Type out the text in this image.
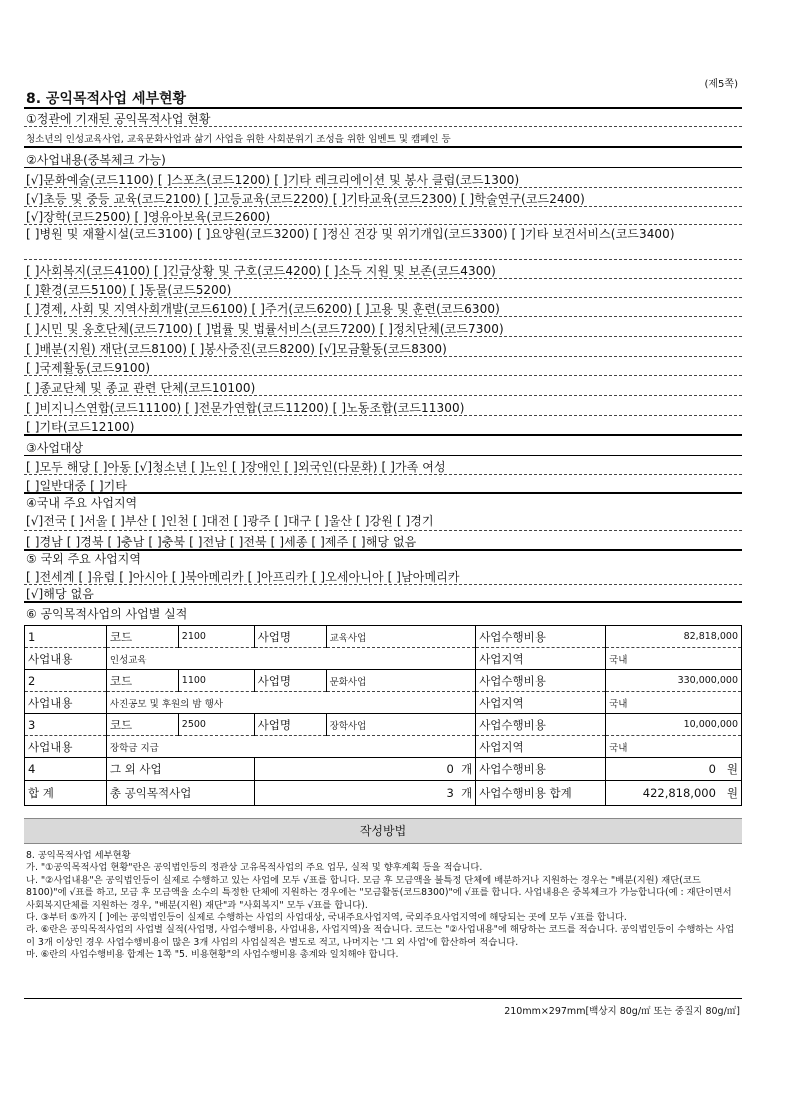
(제5쪽)
8. 공익목적사업 세부현황
①정관에 기재된 공익목적사업 현황
청소년의 인성교육사업, 교육문화사업과 삶기 사업을 위한 사회분위기 조성을 위한 임벤트 및 캠페인 등
②사업내용(중복체크 가능)
[√]문화예술(코드1100) [ ]스포츠(코드1200) [ ]기타 레크리에이션 및 봉사 클럽(코드1300)
[√]초등 및 중등 교육(코드2100) [ ]고등교육(코드2200) [ ]기타교육(코드2300) [ ]학술연구(코드2400)
[√]장학(코드2500) [ ]영유아보육(코드2600)
[ ]병원 및 재활시설(코드3100) [ ]요양원(코드3200) [ ]정신 건강 및 위기개입(코드3300) [ ]기타 보건서비스(코드3400)
[ ]사회복지(코드4100) [ ]긴급상황 및 구호(코드4200) [ ]소득 지원 및 보존(코드4300)
[ ]환경(코드5100) [ ]동물(코드5200)
[ ]경제, 사회 및 지역사회개발(코드6100) [ ]주거(코드6200) [ ]고용 및 훈련(코드6300)
[ ]시민 및 옹호단체(코드7100) [ ]법률 및 법률서비스(코드7200) [ ]정치단체(코드7300)
[ ]배분(지원) 재단(코드8100) [ ]봉사증진(코드8200) [√]모금활동(코드8300)
[ ]국제활동(코드9100)
[ ]종교단체 및 종교 관련 단체(코드10100)
[ ]비지니스연합(코드11100) [ ]전문가연합(코드11200) [ ]노동조합(코드11300)
[ ]기타(코드12100)
③사업대상
[ ]모두 해당 [ ]아동 [√]청소년 [ ]노인 [ ]장애인 [ ]외국인(다문화) [ ]가족 여성
[ ]일반대중 [ ]기타
④국내 주요 사업지역
[√]전국 [ ]서울 [ ]부산 [ ]인천 [ ]대전 [ ]광주 [ ]대구 [ ]울산 [ ]강원 [ ]경기
[ ]경남 [ ]경북 [ ]충남 [ ]충북 [ ]전남 [ ]전북 [ ]세종 [ ]제주 [ ]해당 없음
⑤ 국외 주요 사업지역
[ ]전세계 [ ]유럽 [ ]아시아 [ ]북아메리카 [ ]아프리카 [ ]오세아니아 [ ]남아메리카
[√]해당 없음
⑥ 공익목적사업의 사업별 실적
1	코드	2100	사업명	교육사업	사업수행비용	82,818,000
사업내용	인성교육				사업지역	국내
2	코드	1100	사업명	문화사업	사업수행비용	330,000,000
사업내용	사진공모 및 후원의 밤 행사				사업지역	국내
3	코드	2500	사업명	장학사업	사업수행비용	10,000,000
사업내용	장학금 지급				사업지역	국내
4	그 외 사업		0 개		사업수행비용	0 원
합 계	총 공익목적사업		3 개		사업수행비용 합계	422,818,000 원
작성방법

8. 공익목적사업 세부현황

가. "①공익목적사업 현황"란은 공익법인등의 정관상 고유목적사업의 주요 업무, 실적 및 향후계획 등을 적습니다.

나. "②사업내용"은 공익법인등이 실제로 수행하고 있는 사업에 모두 √표를 합니다. 모금 후 모금액을 불특정 단체에 배분하거나 지원하는 경우는 "배분(지원) 재단(코드8100)"에 √표를 하고, 모금 후 모금액을 소수의 특정한 단체에 지원하는 경우에는 "모금활동(코드8300)"에 √표를 합니다. 사업내용은 중복체크가 가능합니다(예 : 재단이면서 사회복지단체를 지원하는 경우, "배분(지원) 재단"과 "사회복지" 모두 √표를 합니다).

다. ③부터 ⑤까지 [ ]에는 공익법인등이 실제로 수행하는 사업의 사업대상, 국내주요사업지역, 국외주요사업지역에 해당되는 곳에 모두 √표를 합니다.

라. ⑥란은 공익목적사업의 사업별 실적(사업명, 사업수행비용, 사업내용, 사업지역)을 적습니다. 코드는 "②사업내용"에 해당하는 코드를 적습니다. 공익법인등이 수행하는 사업이 3개 이상인 경우 사업수행비용이 많은 3개 사업의 사업실적은 별도로 적고, 나머지는 '그 외 사업'에 합산하여 적습니다.

마. ⑥란의 사업수행비용 합계는 1쪽 "5. 비용현황"의 사업수행비용 총계와 일치해야 합니다.

210mm×297mm[백상지 80g/㎡ 또는 중질지 80g/㎡]
